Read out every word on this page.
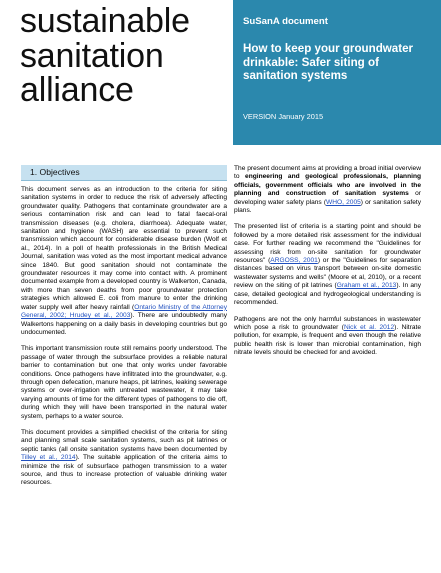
sustainable
sanitation
alliance
SuSanA document
How to keep your groundwater drinkable: Safer siting of sanitation systems
VERSION January 2015
1. Objectives

This document serves as an introduction to the criteria for siting sanitation systems in order to reduce the risk of adversely affecting groundwater quality. Pathogens that contaminate groundwater are a serious contamination risk and can lead to fatal faecal-oral transmission diseases (e.g. cholera, diarrhoea). Adequate water, sanitation and hygiene (WASH) are essential to prevent such transmission which account for considerable disease burden (Wolf et al., 2014). In a poll of health professionals in the British Medical Journal, sanitation was voted as the most important medical advance since 1840. But good sanitation should not contaminate the groundwater resources it may come into contact with. A prominent documented example from a developed country is Walkerton, Canada, with more than seven deaths from poor groundwater protection strategies which allowed E. coli from manure to enter the drinking water supply well after heavy rainfall (Ontario Ministry of the Attorney General, 2002; Hrudey et al., 2003). There are undoubtedly many Walkertons happening on a daily basis in developing countries but go undocumented.

This important transmission route still remains poorly understood. The passage of water through the subsurface provides a reliable natural barrier to contamination but one that only works under favorable conditions. Once pathogens have infiltrated into the groundwater, e.g. through open defecation, manure heaps, pit latrines, leaking sewerage systems or over-irrigation with untreated wastewater, it may take varying amounts of time for the different types of pathogens to die off, during which they will have been transported in the natural water system, perhaps to a water source.

This document provides a simplified checklist of the criteria for siting and planning small scale sanitation systems, such as pit latrines or septic tanks (all onsite sanitation systems have been documented by Tilley et al., 2014). The suitable application of the criteria aims to minimize the risk of subsurface pathogen transmission to a water source, and thus to increase protection of valuable drinking water resources.

The present document aims at providing a broad initial overview to engineering and geological professionals, planning officials, government officials who are involved in the planning and construction of sanitation systems or developing water safety plans (WHO, 2005) or sanitation safety plans.

The presented list of criteria is a starting point and should be followed by a more detailed risk assessment for the individual case. For further reading we recommend the "Guidelines for assessing risk from on-site sanitation for groundwater resources" (ARGOSS, 2001) or the "Guidelines for separation distances based on virus transport between on-site domestic wastewater systems and wells" (Moore et al, 2010), or a recent review on the siting of pit latrines (Graham et al., 2013). In any case, detailed geological and hydrogeological understanding is recommended.

Pathogens are not the only harmful substances in wastewater which pose a risk to groundwater (Nick et al. 2012). Nitrate pollution, for example, is frequent and even though the relative public health risk is lower than microbial contamination, high nitrate levels should be checked for and avoided.
